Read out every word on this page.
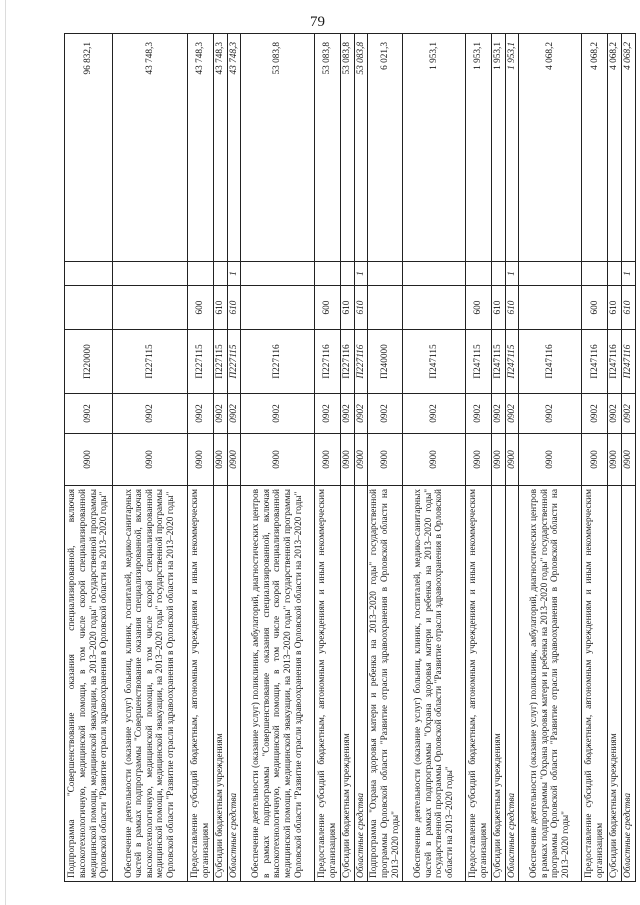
79
Подпрограмма "Совершенствование оказания специализированной, включая высокотехнологичную, медицинской помощи, в том числе скорой специализированной медицинской помощи, медицинской эвакуации, на 2013–2020 годы" государственной программы Орловской области "Развитие отрасли здравоохранения в Орловской области на 2013–2020 годы"	0900	0902	П220000			96 832,1
Обеспечение деятельности (оказание услуг) больниц, клиник, госпиталей, медико-санитарных частей в рамках подпрограммы "Совершенствование оказания специализированной, включая высокотехнологичную, медицинской помощи, в том числе скорой специализированной медицинской помощи, медицинской эвакуации, на 2013–2020 годы" государственной программы Орловской области "Развитие отрасли здравоохранения в Орловской области на 2013–2020 годы"	0900	0902	П227115			43 748,3
Предоставление субсидий бюджетным, автономным учреждениям и иным некоммерческим организациям	0900	0902	П227115	600		43 748,3
Субсидии бюджетным учреждениям	0900	0902	П227115	610		43 748,3
Областные средства	0900	0902	П227115	610	1	43 748,3
Обеспечение деятельности (оказание услуг) поликлиник, амбулаторий, диагностических центров в рамках подпрограммы "Совершенствование оказания специализированной, включая высокотехнологичную, медицинской помощи, в том числе скорой специализированной медицинской помощи, медицинской эвакуации, на 2013–2020 годы" государственной программы Орловской области "Развитие отрасли здравоохранения в Орловской области на 2013–2020 годы"	0900	0902	П227116			53 083,8
Предоставление субсидий бюджетным, автономным учреждениям и иным некоммерческим организациям	0900	0902	П227116	600		53 083,8
Субсидии бюджетным учреждениям	0900	0902	П227116	610		53 083,8
Областные средства	0900	0902	П227116	610	1	53 083,8
Подпрограмма "Охрана здоровья матери и ребенка на 2013–2020 годы" государственной программы Орловской области "Развитие отрасли здравоохранения в Орловской области на 2013–2020 годы"	0900	0902	П240000			6 021,3
Обеспечение деятельности (оказание услуг) больниц, клиник, госпиталей, медико-санитарных частей в рамках подпрограммы "Охрана здоровья матери и ребенка на 2013–2020 годы" государственной программы Орловской области "Развитие отрасли здравоохранения в Орловской области на 2013–2020 годы"	0900	0902	П247115			1 953,1
Предоставление субсидий бюджетным, автономным учреждениям и иным некоммерческим организациям	0900	0902	П247115	600		1 953,1
Субсидии бюджетным учреждениям	0900	0902	П247115	610		1 953,1
Областные средства	0900	0902	П247115	610	1	1 953,1
Обеспечение деятельности (оказание услуг) поликлиник, амбулаторий, диагностических центров в рамках подпрограммы "Охрана здоровья матери и ребенка на 2013–2020 годы" государственной программы Орловской области "Развитие отрасли здравоохранения в Орловской области на 2013–2020 годы"	0900	0902	П247116			4 068,2
Предоставление субсидий бюджетным, автономным учреждениям и иным некоммерческим организациям	0900	0902	П247116	600		4 068,2
Субсидии бюджетным учреждениям	0900	0902	П247116	610		4 068,2
Областные средства	0900	0902	П247116	610	1	4 068,2
